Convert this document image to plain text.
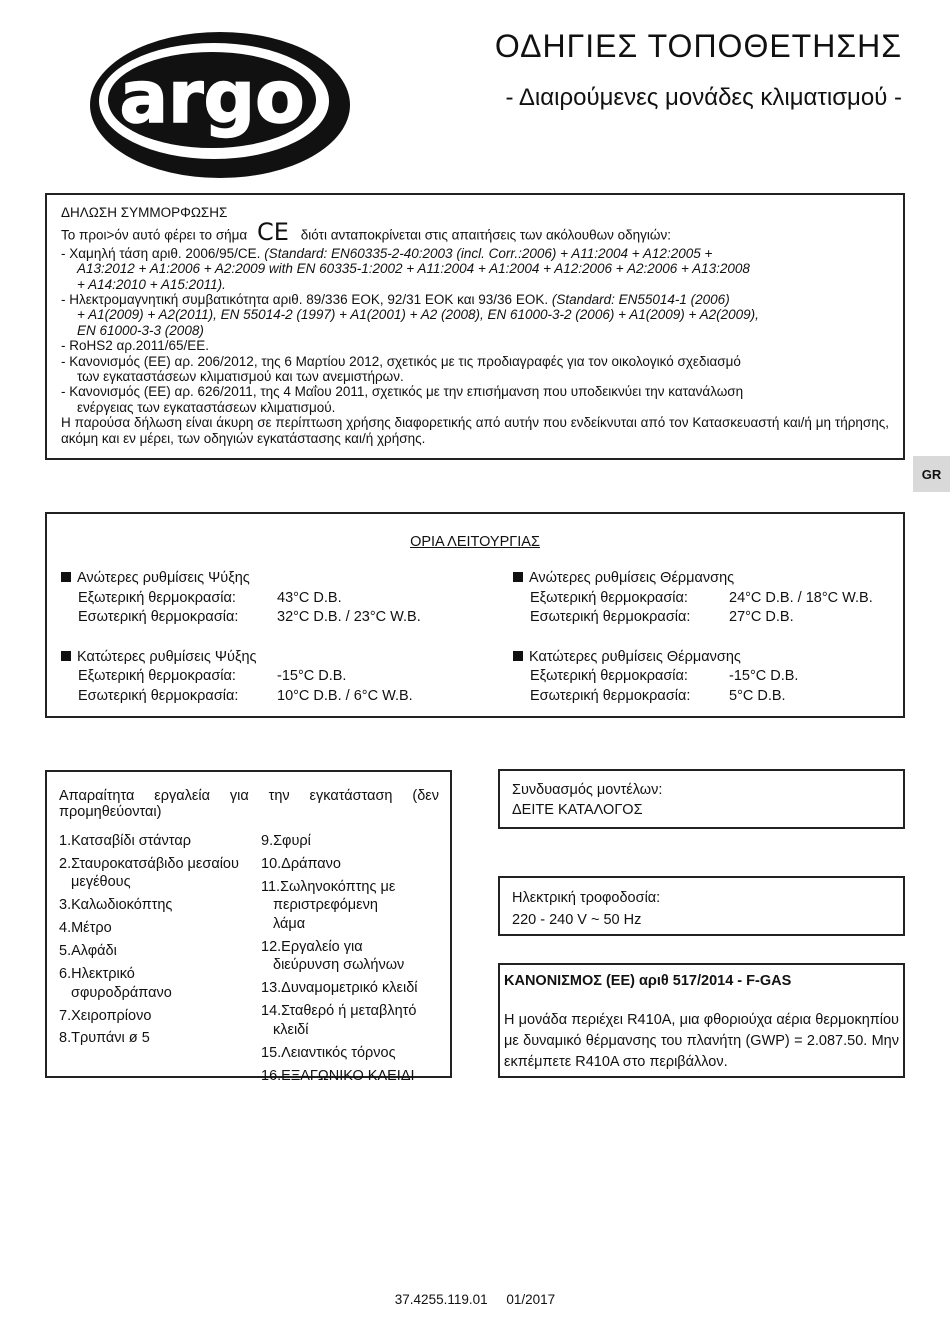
argo
ΟΔΗΓΙΕΣ ΤΟΠΟΘΕΤΗΣΗΣ
- Διαιρούμενες μονάδες κλιματισμού -
GR
ΔΗΛΩΣΗ ΣΥΜΜΟΡΦΩΣΗΣ
Το προι>όν αυτό φέρει το σήμα CE διότι ανταποκρίνεται στις απαιτήσεις των ακόλουθων οδηγιών:
- Χαμηλή τάση αριθ. 2006/95/CE. (Standard: EN60335-2-40:2003 (incl. Corr.:2006) + A11:2004 + A12:2005 +
A13:2012 + A1:2006 + A2:2009 with EN 60335-1:2002 + A11:2004 + A1:2004 + A12:2006 + A2:2006 + A13:2008
+ A14:2010 + A15:2011).
- Ηλεκτρομαγνητική συμβατικότητα αριθ. 89/336 ΕΟΚ, 92/31 ΕΟΚ και 93/36 ΕΟΚ. (Standard: EN55014-1 (2006)
+ A1(2009) + A2(2011), EN 55014-2 (1997) + A1(2001) + A2 (2008), EN 61000-3-2 (2006) + A1(2009) + A2(2009),
EN 61000-3-3 (2008)
- RoHS2 αρ.2011/65/ΕΕ.
- Κανονισμός (ΕΕ) αρ. 206/2012, της 6 Μαρτίου 2012, σχετικός με τις προδιαγραφές για τον οικολογικό σχεδιασμό
των εγκαταστάσεων κλιματισμού και των ανεμιστήρων.
- Κανονισμός (ΕΕ) αρ. 626/2011, της 4 Μαΐου 2011, σχετικός με την επισήμανση που υποδεικνύει την κατανάλωση
ενέργειας των εγκαταστάσεων κλιματισμού.
Η παρούσα δήλωση είναι άκυρη σε περίπτωση χρήσης διαφορετικής από αυτήν που ενδείκνυται από τον Κατασκευαστή και/ή μη τήρησης, ακόμη και εν μέρει, των οδηγιών εγκατάστασης και/ή χρήσης.
ΟΡΙΑ ΛΕΙΤΟΥΡΓΙΑΣ
Ανώτερες ρυθμίσεις Ψύξης
Εξωτερική θερμοκρασία:	43°C D.B.
Εσωτερική θερμοκρασία:	32°C D.B. / 23°C W.B.
Κατώτερες ρυθμίσεις Ψύξης
Εξωτερική θερμοκρασία:	-15°C D.B.
Εσωτερική θερμοκρασία:	10°C D.B. / 6°C W.B.
Ανώτερες ρυθμίσεις Θέρμανσης
Εξωτερική θερμοκρασία:	24°C D.B. / 18°C W.B.
Εσωτερική θερμοκρασία:	27°C D.B.
Κατώτερες ρυθμίσεις Θέρμανσης
Εξωτερική θερμοκρασία:	-15°C D.B.
Εσωτερική θερμοκρασία:	5°C D.B.
Απαραίτητα εργαλεία για την εγκατάσταση (δεν προμηθεύονται)
1.Κατσαβίδι στάνταρ
2.Σταυροκατσάβιδο μεσαίου
μεγέθους
3.Καλωδιοκόπτης
4.Μέτρο
5.Αλφάδι
6.Ηλεκτρικό
σφυροδράπανο
7.Χειροπρίονο
8.Τρυπάνι ø 5
9.Σφυρί
10.Δράπανο
11.Σωληνοκόπτης με
περιστρεφόμενη
λάμα
12.Εργαλείο για
διεύρυνση σωλήνων
13.Δυναμομετρικό κλειδί
14.Σταθερό ή μεταβλητό
κλειδί
15.Λειαντικός τόρνος
16.ΕΞΑΓΩΝΙΚΟ ΚΛΕΙΔΙ
Συνδυασμός μοντέλων:
ΔΕΙΤΕ ΚΑΤΑΛΟΓΟΣ
Ηλεκτρική τροφοδοσία:
220 - 240 V ~ 50 Hz
ΚΑΝΟΝΙΣΜΟΣ (ΕΕ) αριθ 517/2014 - F-GAS
Η μονάδα περιέχει R410A, μια φθοριούχα αέρια θερμοκηπίου με δυναμικό θέρμανσης του πλανήτη (GWP) = 2.087.50. Μην εκπέμπετε R410A στο περιβάλλον.
37.4255.119.01 01/2017
